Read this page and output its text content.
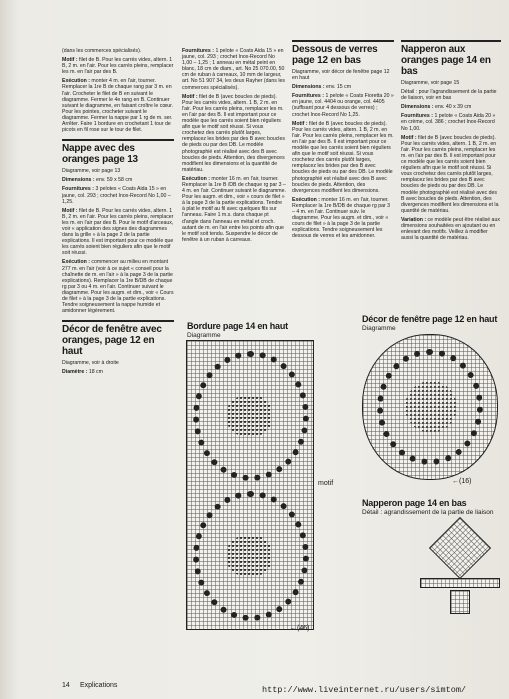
(dans les commerces spécialisés).

Motif : filet de B. Pour les carrés vides, altern. 1 B, 2 m. en l'air. Pour les carrés pleins, remplacer les m. en l'air par des B.

Exécution : monter 4 m. en l'air, tourner. Remplacer la 1re B de chaque rang par 3 m. en l'air. Crocheter le filet de B en suivant le diagramme. Fermer le 4e rang en B. Continuer suivant le diagramme, en faisant croître le cœur. Pour les pointes, crocheter suivant le diagramme. Fermer la nappe par 1 rg de m. ser. Arrêter. Faire 1 bordure en crochetant 1 tour de picots en fil rose sur le tour de filet.

Nappe avec des oranges page 13

Diagramme, voir page 13

Dimensions : env. 59 x 58 cm

Fournitures : 3 pelotes « Coats Aida 15 » en jaune, col. 293 ; crochet Inox-Record No 1,00 – 1,25.

Motif : filet de B. Pour les carrés vides, altern. 1 B, 2 m. en l'air. Pour les carrés pleins, remplacer les m. en l'air par des B. Pour le motif d'arceaux, voir « application des signes des diagrammes dans la grille » à la page 2 de la partie explications. Il est important pour ce modèle que les carrés soient bien réguliers afin que le motif soit réussi.

Exécution : commencer au milieu en montant 277 m. en l'air (voir à ce sujet « conseil pour la chaînette de m. en l'air » à la page 3 de la partie explications). Remplacer la 1re B/DB de chaque rg par 3 ou 4 m. en l'air. Continuer suivant le diagramme. Pour les augm. et dim., voir « Cours de filet » à la page 3 de la partie explications. Tendre soigneusement la nappe humide et amidonner légèrement.

Décor de fenêtre avec oranges, page 12 en haut

Diagramme, voir à droite

Diamètre : 18 cm

Fournitures : 1 pelote « Coats Aida 15 » en jaune, col. 293 ; crochet Inox-Record No 1,00 – 1,25 ; 1 anneau en métal peint en blanc, 18 cm de diam., art. No 25 070.00, 50 cm de ruban à carreaux, 10 mm de largeur, art. No 51 907 34, les deux Rayher (dans les commerces spécialisés).

Motif : filet de B (avec boucles de pieds). Pour les carrés vides, altern. 1 B, 2 m. en l'air. Pour les carrés pleins, remplacer les m. en l'air par des B. Il est important pour ce modèle que les carrés soient bien réguliers afin que le motif soit réussi. Si vous crochetez des carrés plutôt larges, remplacez les brides par des B avec boucles de pieds ou par des DB. Le modèle photographié est réalisé avec des B avec boucles de pieds. Attention, des divergences modifient les dimensions et la quantité de matériau.

Exécution : monter 16 m. en l'air, tourner. Remplacer la 1re B /DB de chaque rg par 3 – 4 m. en l'air. Continuer suivant le diagramme. Pour les augm. et dim., voir « cours de filet » à la page 3 de la partie explications. Tendre à plat le motif au fil avec quelques fils sur l'anneau. Faire 1 m.s. dans chaque pt d'angle dans l'anneau en métal et croch. autant de m. en l'air entre les points afin que le motif soit tendu. Suspendre le décor de fenêtre à un ruban à carreaux.

Dessous de verres page 12 en bas

Diagramme, voir décor de fenêtre page 12 en haut

Dimensions : env. 15 cm

Fournitures : 1 pelote « Coats Fioretta 20 » en jaune, col. 4404 ou orange, col. 4405 (suffisant pour 4 dessous de verres) ; crochet Inox-Record No 1,25.

Motif : filet de B (avec boucles de pieds). Pour les carrés vides, altern. 1 B, 2 m. en l'air. Pour les carrés pleins, remplacer les m. en l'air par des B. Il est important pour ce modèle que les carrés soient bien réguliers afin que le motif soit réussi. Si vous crochetez des carrés plutôt larges, remplacez les brides par des B avec boucles de pieds ou par des DB. Le modèle photographié est réalisé avec des B avec boucles de pieds. Attention, des divergences modifient les dimensions.

Exécution : monter 16 m. en l'air, tourner. Remplacer la 1re B/DB de chaque rg par 3 – 4 m. en l'air. Continuer suiv. le diagramme. Pour les augm. et dim., voir « cours de filet » à la page 3 de la partie explications. Tendre soigneusement les dessous de verres et les amidonner.

Napperon aux oranges page 14 en bas

Diagramme, voir page 15

Détail : pour l'agrandissement de la partie de liaison, voir en bas

Dimensions : env. 40 x 39 cm

Fournitures : 1 pelote « Coats Aida 20 » en crème, col. 386 ; crochet Inox-Record No 1,00.

Motif : filet de B (avec boucles de pieds). Pour les carrés vides, altern. 1 B, 2 m. en l'air. Pour les carrés pleins, remplacer les m. en l'air par des B. Il est important pour ce modèle que les carrés soient bien réguliers afin que le motif soit réussi. Si vous crochetez des carrés plutôt larges, remplacez les brides par des B avec boucles de pieds ou par des DB. Le modèle photographié est réalisé avec des B avec boucles de pieds. Attention, des divergences modifient les dimensions et la quantité de matériau.

Variation : ce modèle peut être réalisé aux dimensions souhaitées en ajoutant ou en enlevant des motifs. Veillez à modifier aussi la quantité de matériau.

Bordure page 14 en haut
Diagramme
motif
←(46)
Décor de fenêtre page 12 en haut
Diagramme
←(16)
Napperon page 14 en bas
Détail : agrandissement de la partie de liaison
14 Explications	http://www.liveinternet.ru/users/simtom/
